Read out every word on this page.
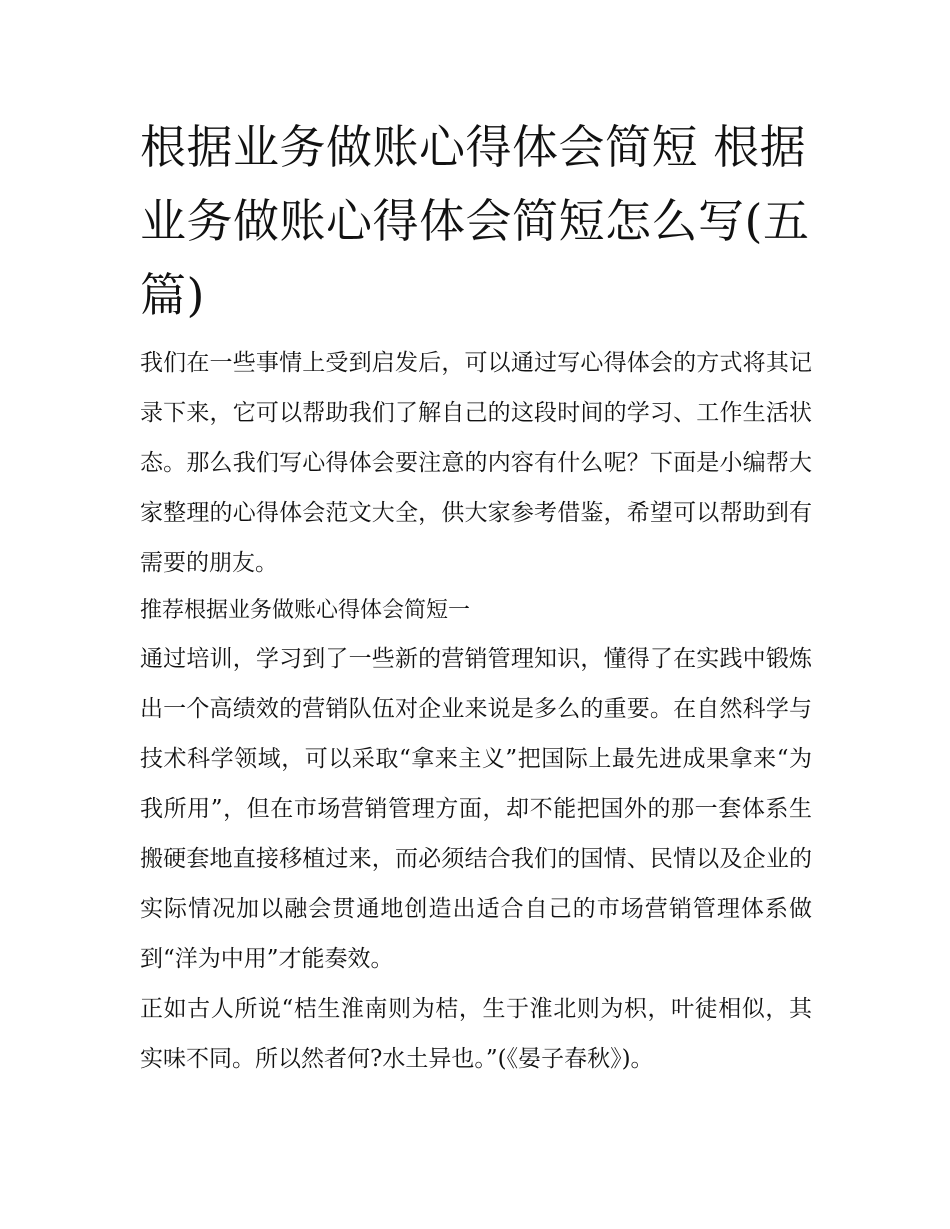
根据业务做账心得体会简短 根据业务做账心得体会简短怎么写(五篇)

我们在一些事情上受到启发后，可以通过写心得体会的方式将其记录下来，它可以帮助我们了解自己的这段时间的学习、工作生活状态。那么我们写心得体会要注意的内容有什么呢？下面是小编帮大家整理的心得体会范文大全，供大家参考借鉴，希望可以帮助到有需要的朋友。

推荐根据业务做账心得体会简短一

通过培训，学习到了一些新的营销管理知识，懂得了在实践中锻炼出一个高绩效的营销队伍对企业来说是多么的重要。在自然科学与技术科学领域，可以采取“拿来主义”把国际上最先进成果拿来“为我所用”，但在市场营销管理方面，却不能把国外的那一套体系生搬硬套地直接移植过来，而必须结合我们的国情、民情以及企业的实际情况加以融会贯通地创造出适合自己的市场营销管理体系做到“洋为中用”才能奏效。

正如古人所说“桔生淮南则为桔，生于淮北则为枳，叶徒相似，其实味不同。所以然者何?水土异也。”(《晏子春秋》)。
